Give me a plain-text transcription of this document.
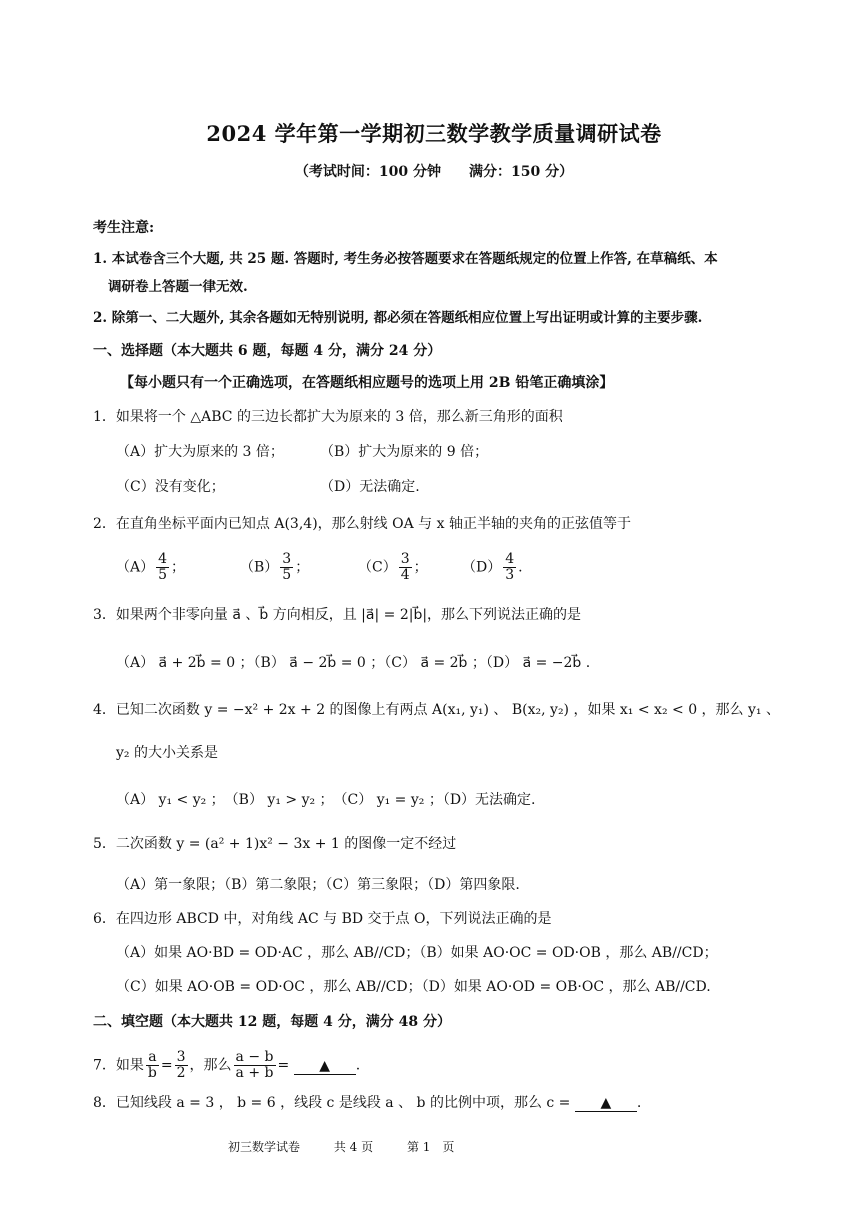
2024 学年第一学期初三数学教学质量调研试卷
（考试时间：100 分钟　　满分：150 分）
考生注意:
1. 本试卷含三个大题, 共 25 题. 答题时, 考生务必按答题要求在答题纸规定的位置上作答, 在草稿纸、本
调研卷上答题一律无效.
2. 除第一、二大题外, 其余各题如无特别说明, 都必须在答题纸相应位置上写出证明或计算的主要步骤.
一、选择题（本大题共 6 题，每题 4 分，满分 24 分）
【每小题只有一个正确选项，在答题纸相应题号的选项上用 2B 铅笔正确填涂】
1．如果将一个 △ABC 的三边长都扩大为原来的 3 倍，那么新三角形的面积
（A）扩大为原来的 3 倍；	（B）扩大为原来的 9 倍；
（C）没有变化；	（D）无法确定.
2．在直角坐标平面内已知点 A(3,4)，那么射线 OA 与 x 轴正半轴的夹角的正弦值等于
$(A) \frac{4}{5}$ ；	$(B) \frac{3}{5}$ ；	$(C) \frac{3}{4}$ ； $(D) \frac{4}{3}$ .
3．如果两个非零向量 a⃗ 、b⃗ 方向相反，且 |a⃗| = 2|b⃗|，那么下列说法正确的是
（A） a⃗ + 2b⃗ = 0 ；（B） a⃗ − 2b⃗ = 0 ；（C） a⃗ = 2b⃗ ；（D） a⃗ = −2b⃗ .
4．已知二次函数 y = −x² + 2x + 2 的图像上有两点 A(x₁, y₁) 、 B(x₂, y₂) ，如果 x₁ < x₂ < 0 ，那么 y₁ 、
y₂ 的大小关系是
（A） y₁ < y₂ ；　（B） y₁ > y₂ ；　（C） y₁ = y₂ ；（D）无法确定.
5．二次函数 y = (a² + 1)x² − 3x + 1 的图像一定不经过
（A）第一象限；（B）第二象限；（C）第三象限；（D）第四象限.
6．在四边形 ABCD 中，对角线 AC 与 BD 交于点 O，下列说法正确的是
（A）如果 AO·BD = OD·AC ，那么 AB//CD；（B）如果 AO·OC = OD·OB ，那么 AB//CD；
（C）如果 AO·OB = OD·OC ，那么 AB//CD；（D）如果 AO·OD = OB·OC ，那么 AB//CD.
二、填空题（本大题共 12 题，每题 4 分，满分 48 分）
7．如果 $\frac{a}{b} = \frac{3}{2}$ ，那么 $\frac{a - b}{a + b}$ = ▲ .
8．已知线段 a = 3 ， b = 6 ，线段 c 是线段 a 、 b 的比例中项，那么 c = ▲ .
初三数学试卷	共 4 页	第 1　页
